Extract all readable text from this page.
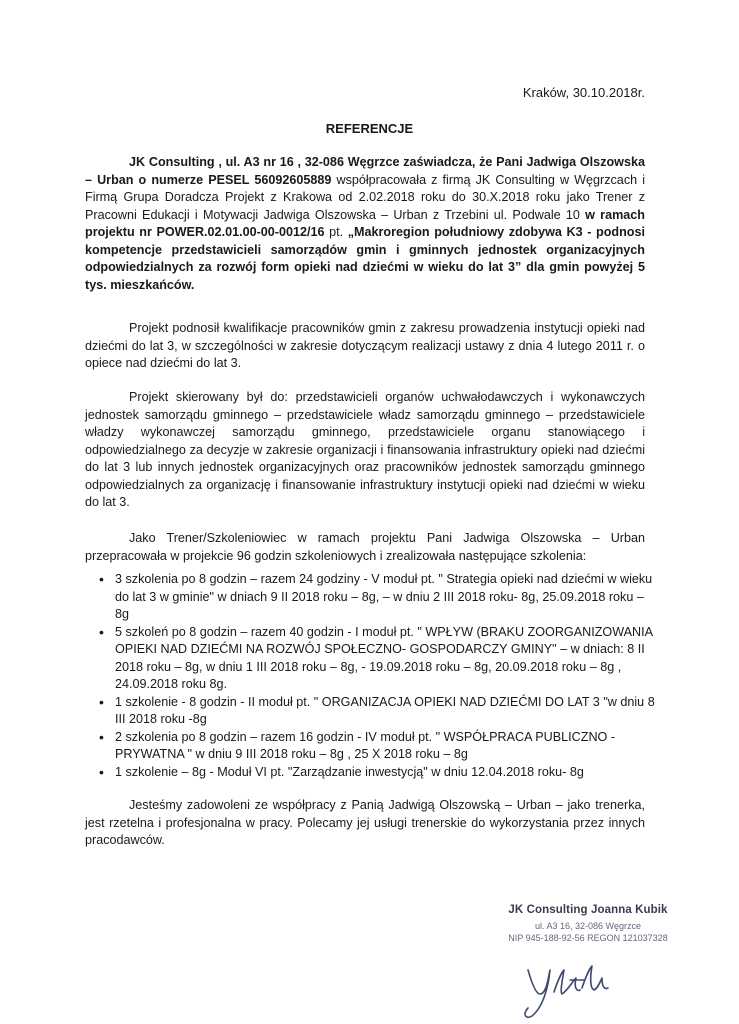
Kraków, 30.10.2018r.
REFERENCJE

JK Consulting , ul. A3 nr 16 , 32-086 Węgrzce zaświadcza, że Pani Jadwiga Olszowska – Urban o numerze PESEL 56092605889 współpracowała z firmą JK Consulting w Węgrzcach i Firmą Grupa Doradcza Projekt z Krakowa od 2.02.2018 roku do 30.X.2018 roku jako Trener z Pracowni Edukacji i Motywacji Jadwiga Olszowska – Urban z Trzebini ul. Podwale 10 w ramach projektu nr POWER.02.01.00-00-0012/16 pt. „Makroregion południowy zdobywa K3 - podnosi kompetencje przedstawicieli samorządów gmin i gminnych jednostek organizacyjnych odpowiedzialnych za rozwój form opieki nad dziećmi w wieku do lat 3” dla gmin powyżej 5 tys. mieszkańców.

Projekt podnosił kwalifikacje pracowników gmin z zakresu prowadzenia instytucji opieki nad dziećmi do lat 3, w szczególności w zakresie dotyczącym realizacji ustawy z dnia 4 lutego 2011 r. o opiece nad dziećmi do lat 3.

Projekt skierowany był do: przedstawicieli organów uchwałodawczych i wykonawczych jednostek samorządu gminnego – przedstawiciele władz samorządu gminnego – przedstawiciele władzy wykonawczej samorządu gminnego, przedstawiciele organu stanowiącego i odpowiedzialnego za decyzje w zakresie organizacji i finansowania infrastruktury opieki nad dziećmi do lat 3 lub innych jednostek organizacyjnych oraz pracowników jednostek samorządu gminnego odpowiedzialnych za organizację i finansowanie infrastruktury instytucji opieki nad dziećmi w wieku do lat 3.

Jako Trener/Szkoleniowiec w ramach projektu Pani Jadwiga Olszowska – Urban przepracowała w projekcie 96 godzin szkoleniowych i zrealizowała następujące szkolenia:

• 3 szkolenia po 8 godzin – razem 24 godziny - V moduł pt. " Strategia opieki nad dziećmi w wieku do lat 3 w gminie" w dniach 9 II 2018 roku – 8g, – w dniu 2 III 2018 roku- 8g, 25.09.2018 roku – 8g
• 5 szkoleń po 8 godzin – razem 40 godzin - I moduł pt. " WPŁYW (BRAKU ZOORGANIZOWANIA OPIEKI NAD DZIEĆMI NA ROZWÓJ SPOŁECZNO- GOSPODARCZY GMINY" – w dniach: 8 II 2018 roku – 8g, w dniu 1 III 2018 roku – 8g, - 19.09.2018 roku – 8g, 20.09.2018 roku – 8g , 24.09.2018 roku 8g.
• 1 szkolenie - 8 godzin - II moduł pt. " ORGANIZACJA OPIEKI NAD DZIEĆMI DO LAT 3 "w dniu 8 III 2018 roku -8g
• 2 szkolenia po 8 godzin – razem 16 godzin - IV moduł pt. " WSPÓŁPRACA PUBLICZNO - PRYWATNA " w dniu 9 III 2018 roku – 8g , 25 X 2018 roku – 8g
• 1 szkolenie – 8g - Moduł VI pt. "Zarządzanie inwestycją" w dniu 12.04.2018 roku- 8g

Jesteśmy zadowoleni ze współpracy z Panią Jadwigą Olszowską – Urban – jako trenerka, jest rzetelna i profesjonalna w pracy. Polecamy jej usługi trenerskie do wykorzystania przez innych pracodawców.

JK Consulting Joanna Kubik
ul. A3 16, 32-086 Węgrzce
NIP 945-188-92-56 REGON 121037328
